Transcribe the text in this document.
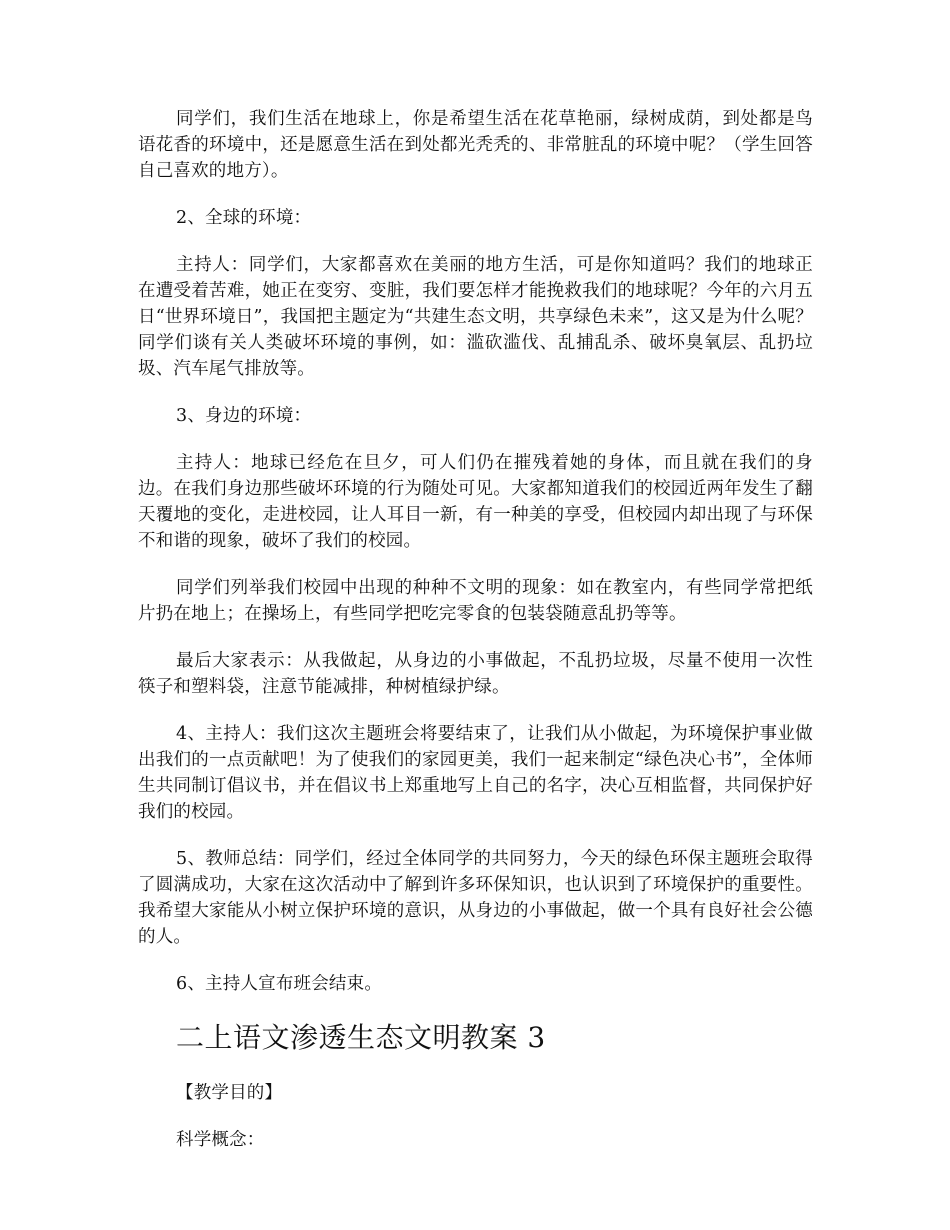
同学们，我们生活在地球上，你是希望生活在花草艳丽，绿树成荫，到处都是鸟语花香的环境中，还是愿意生活在到处都光秃秃的、非常脏乱的环境中呢？（学生回答自己喜欢的地方）。

2、全球的环境：

主持人：同学们，大家都喜欢在美丽的地方生活，可是你知道吗？我们的地球正在遭受着苦难，她正在变穷、变脏，我们要怎样才能挽救我们的地球呢？今年的六月五日“世界环境日”，我国把主题定为“共建生态文明，共享绿色未来”，这又是为什么呢？同学们谈有关人类破坏环境的事例，如：滥砍滥伐、乱捕乱杀、破坏臭氧层、乱扔垃圾、汽车尾气排放等。

3、身边的环境：

主持人：地球已经危在旦夕，可人们仍在摧残着她的身体，而且就在我们的身边。在我们身边那些破坏环境的行为随处可见。大家都知道我们的校园近两年发生了翻天覆地的变化，走进校园，让人耳目一新，有一种美的享受，但校园内却出现了与环保不和谐的现象，破坏了我们的校园。

同学们列举我们校园中出现的种种不文明的现象：如在教室内，有些同学常把纸片扔在地上；在操场上，有些同学把吃完零食的包装袋随意乱扔等等。

最后大家表示：从我做起，从身边的小事做起，不乱扔垃圾，尽量不使用一次性筷子和塑料袋，注意节能减排，种树植绿护绿。

4、主持人：我们这次主题班会将要结束了，让我们从小做起，为环境保护事业做出我们的一点贡献吧！为了使我们的家园更美，我们一起来制定“绿色决心书”，全体师生共同制订倡议书，并在倡议书上郑重地写上自己的名字，决心互相监督，共同保护好我们的校园。

5、教师总结：同学们，经过全体同学的共同努力，今天的绿色环保主题班会取得了圆满成功，大家在这次活动中了解到许多环保知识，也认识到了环境保护的重要性。我希望大家能从小树立保护环境的意识，从身边的小事做起，做一个具有良好社会公德的人。

6、主持人宣布班会结束。

二上语文渗透生态文明教案 3

【教学目的】

科学概念：
